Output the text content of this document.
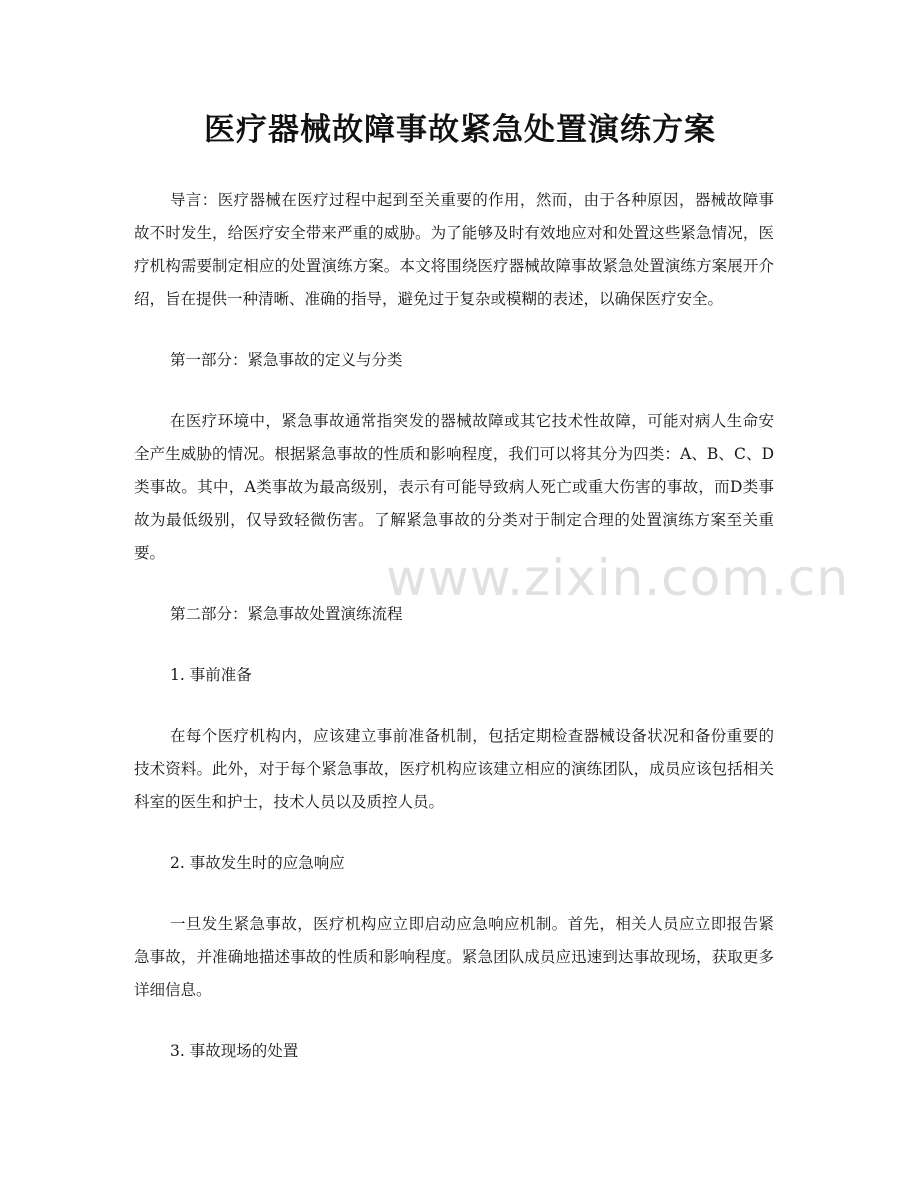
医疗器械故障事故紧急处置演练方案

导言：医疗器械在医疗过程中起到至关重要的作用，然而，由于各种原因，器械故障事故不时发生，给医疗安全带来严重的威胁。为了能够及时有效地应对和处置这些紧急情况，医疗机构需要制定相应的处置演练方案。本文将围绕医疗器械故障事故紧急处置演练方案展开介绍，旨在提供一种清晰、准确的指导，避免过于复杂或模糊的表述，以确保医疗安全。

第一部分：紧急事故的定义与分类

在医疗环境中，紧急事故通常指突发的器械故障或其它技术性故障，可能对病人生命安全产生威胁的情况。根据紧急事故的性质和影响程度，我们可以将其分为四类：A、B、C、D类事故。其中，A类事故为最高级别，表示有可能导致病人死亡或重大伤害的事故，而D类事故为最低级别，仅导致轻微伤害。了解紧急事故的分类对于制定合理的处置演练方案至关重要。

第二部分：紧急事故处置演练流程

1. 事前准备

在每个医疗机构内，应该建立事前准备机制，包括定期检查器械设备状况和备份重要的技术资料。此外，对于每个紧急事故，医疗机构应该建立相应的演练团队，成员应该包括相关科室的医生和护士，技术人员以及质控人员。

2. 事故发生时的应急响应

一旦发生紧急事故，医疗机构应立即启动应急响应机制。首先，相关人员应立即报告紧急事故，并准确地描述事故的性质和影响程度。紧急团队成员应迅速到达事故现场，获取更多详细信息。

3. 事故现场的处置

www.zixin.com.cn
